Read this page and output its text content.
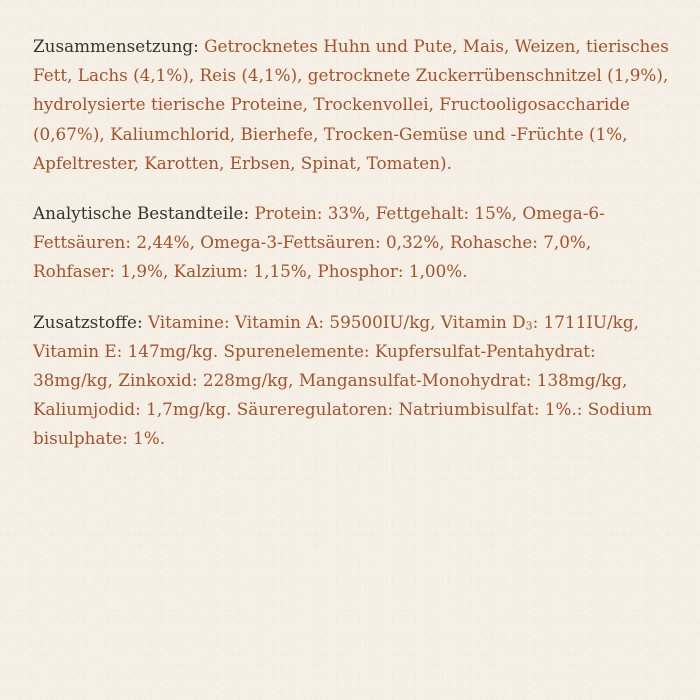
Zusammensetzung: Getrocknetes Huhn und Pute, Mais, Weizen, tierisches Fett, Lachs (4,1%), Reis (4,1%), getrocknete Zuckerrübenschnitzel (1,9%), hydrolysierte tierische Proteine, Trockenvollei, Fructooligosaccharide (0,67%), Kaliumchlorid, Bierhefe, Trocken-Gemüse und -Früchte (1%, Apfeltrester, Karotten, Erbsen, Spinat, Tomaten).

Analytische Bestandteile: Protein: 33%, Fettgehalt: 15%, Omega-6-Fettsäuren: 2,44%, Omega-3-Fettsäuren: 0,32%, Rohasche: 7,0%, Rohfaser: 1,9%, Kalzium: 1,15%, Phosphor: 1,00%.

Zusatzstoffe: Vitamine: Vitamin A: 59500IU/kg, Vitamin $D_3$: 1711IU/kg, Vitamin E: 147mg/kg. Spurenelemente: Kupfersulfat-Pentahydrat: 38mg/kg, Zinkoxid: 228mg/kg, Mangansulfat-Monohydrat: 138mg/kg, Kaliumjodid: 1,7mg/kg. Säureregulatoren: Natriumbisulfat: 1%.: Sodium bisulphate: 1%.
